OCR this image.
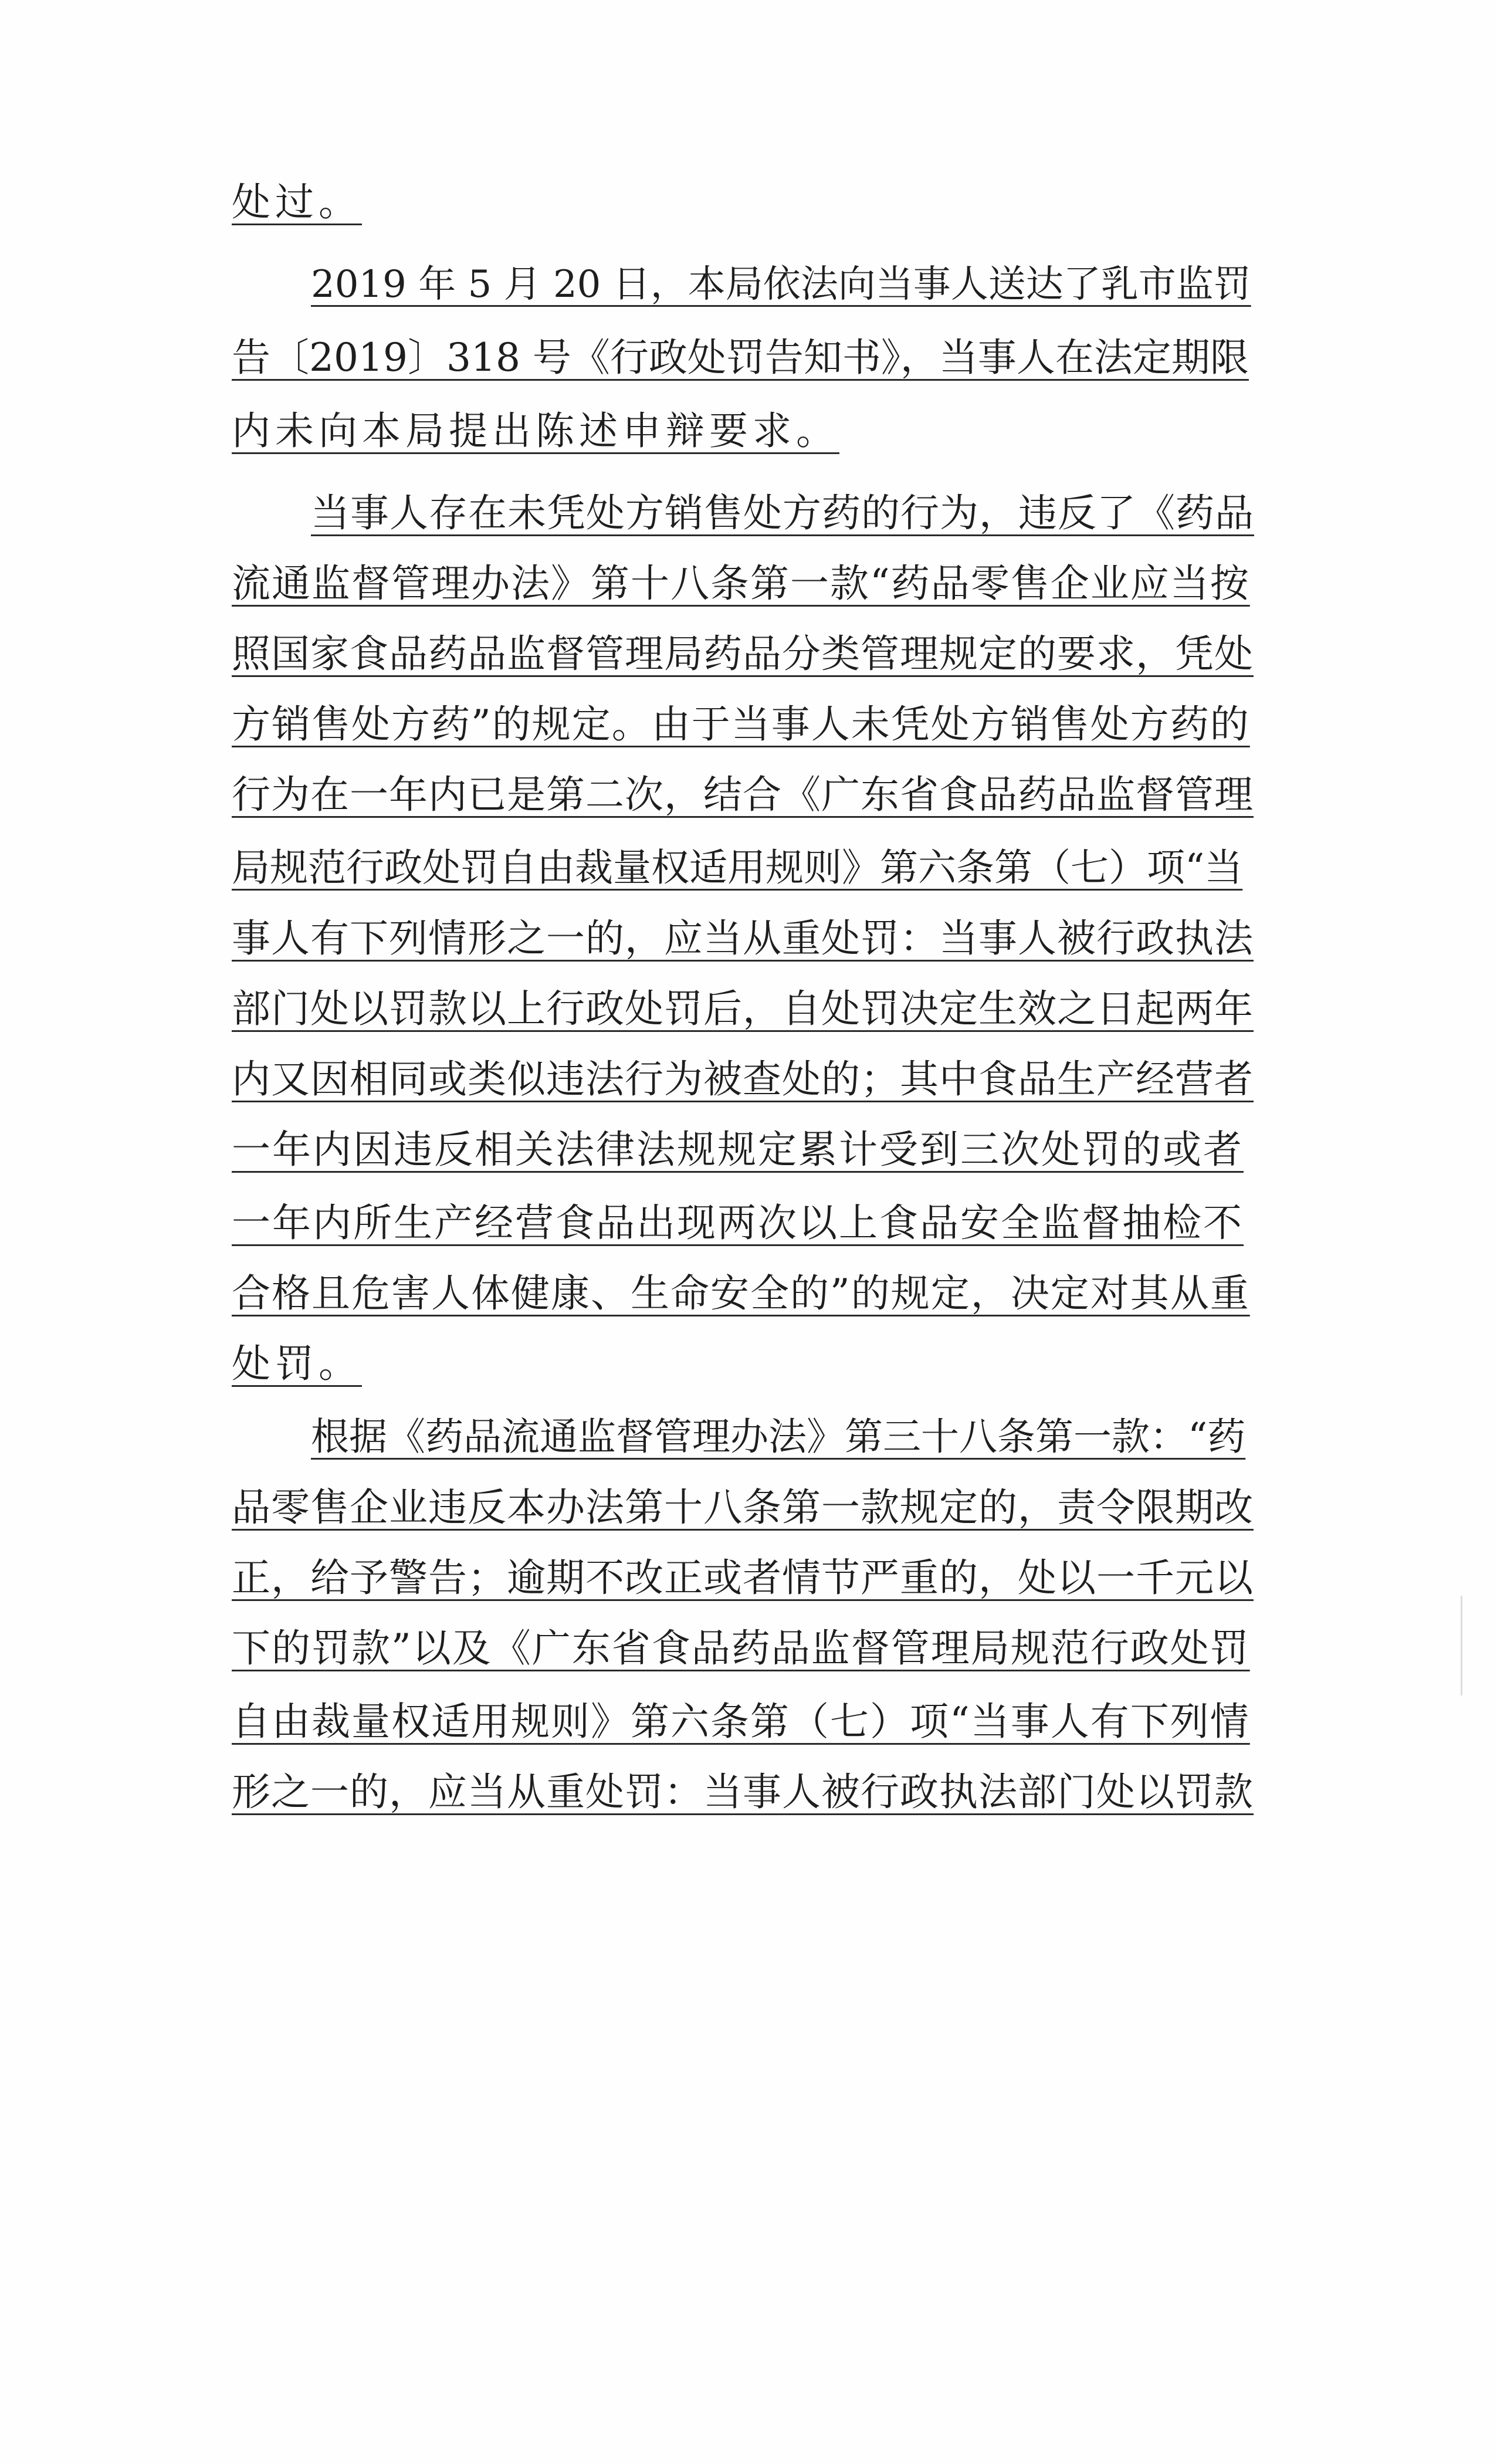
处过。
2019 年 5 月 20 日，本局依法向当事人送达了乳市监罚
告〔2019〕318 号《行政处罚告知书》，当事人在法定期限
内未向本局提出陈述申辩要求。
当事人存在未凭处方销售处方药的行为，违反了《药品
流通监督管理办法》第十八条第一款“药品零售企业应当按
照国家食品药品监督管理局药品分类管理规定的要求，凭处
方销售处方药”的规定。由于当事人未凭处方销售处方药的
行为在一年内已是第二次，结合《广东省食品药品监督管理
局规范行政处罚自由裁量权适用规则》第六条第（七）项“当
事人有下列情形之一的，应当从重处罚：当事人被行政执法
部门处以罚款以上行政处罚后，自处罚决定生效之日起两年
内又因相同或类似违法行为被查处的；其中食品生产经营者
一年内因违反相关法律法规规定累计受到三次处罚的或者
一年内所生产经营食品出现两次以上食品安全监督抽检不
合格且危害人体健康、生命安全的”的规定，决定对其从重
处罚。
根据《药品流通监督管理办法》第三十八条第一款：“药
品零售企业违反本办法第十八条第一款规定的，责令限期改
正，给予警告；逾期不改正或者情节严重的，处以一千元以
下的罚款”以及《广东省食品药品监督管理局规范行政处罚
自由裁量权适用规则》第六条第（七）项“当事人有下列情
形之一的，应当从重处罚：当事人被行政执法部门处以罚款
